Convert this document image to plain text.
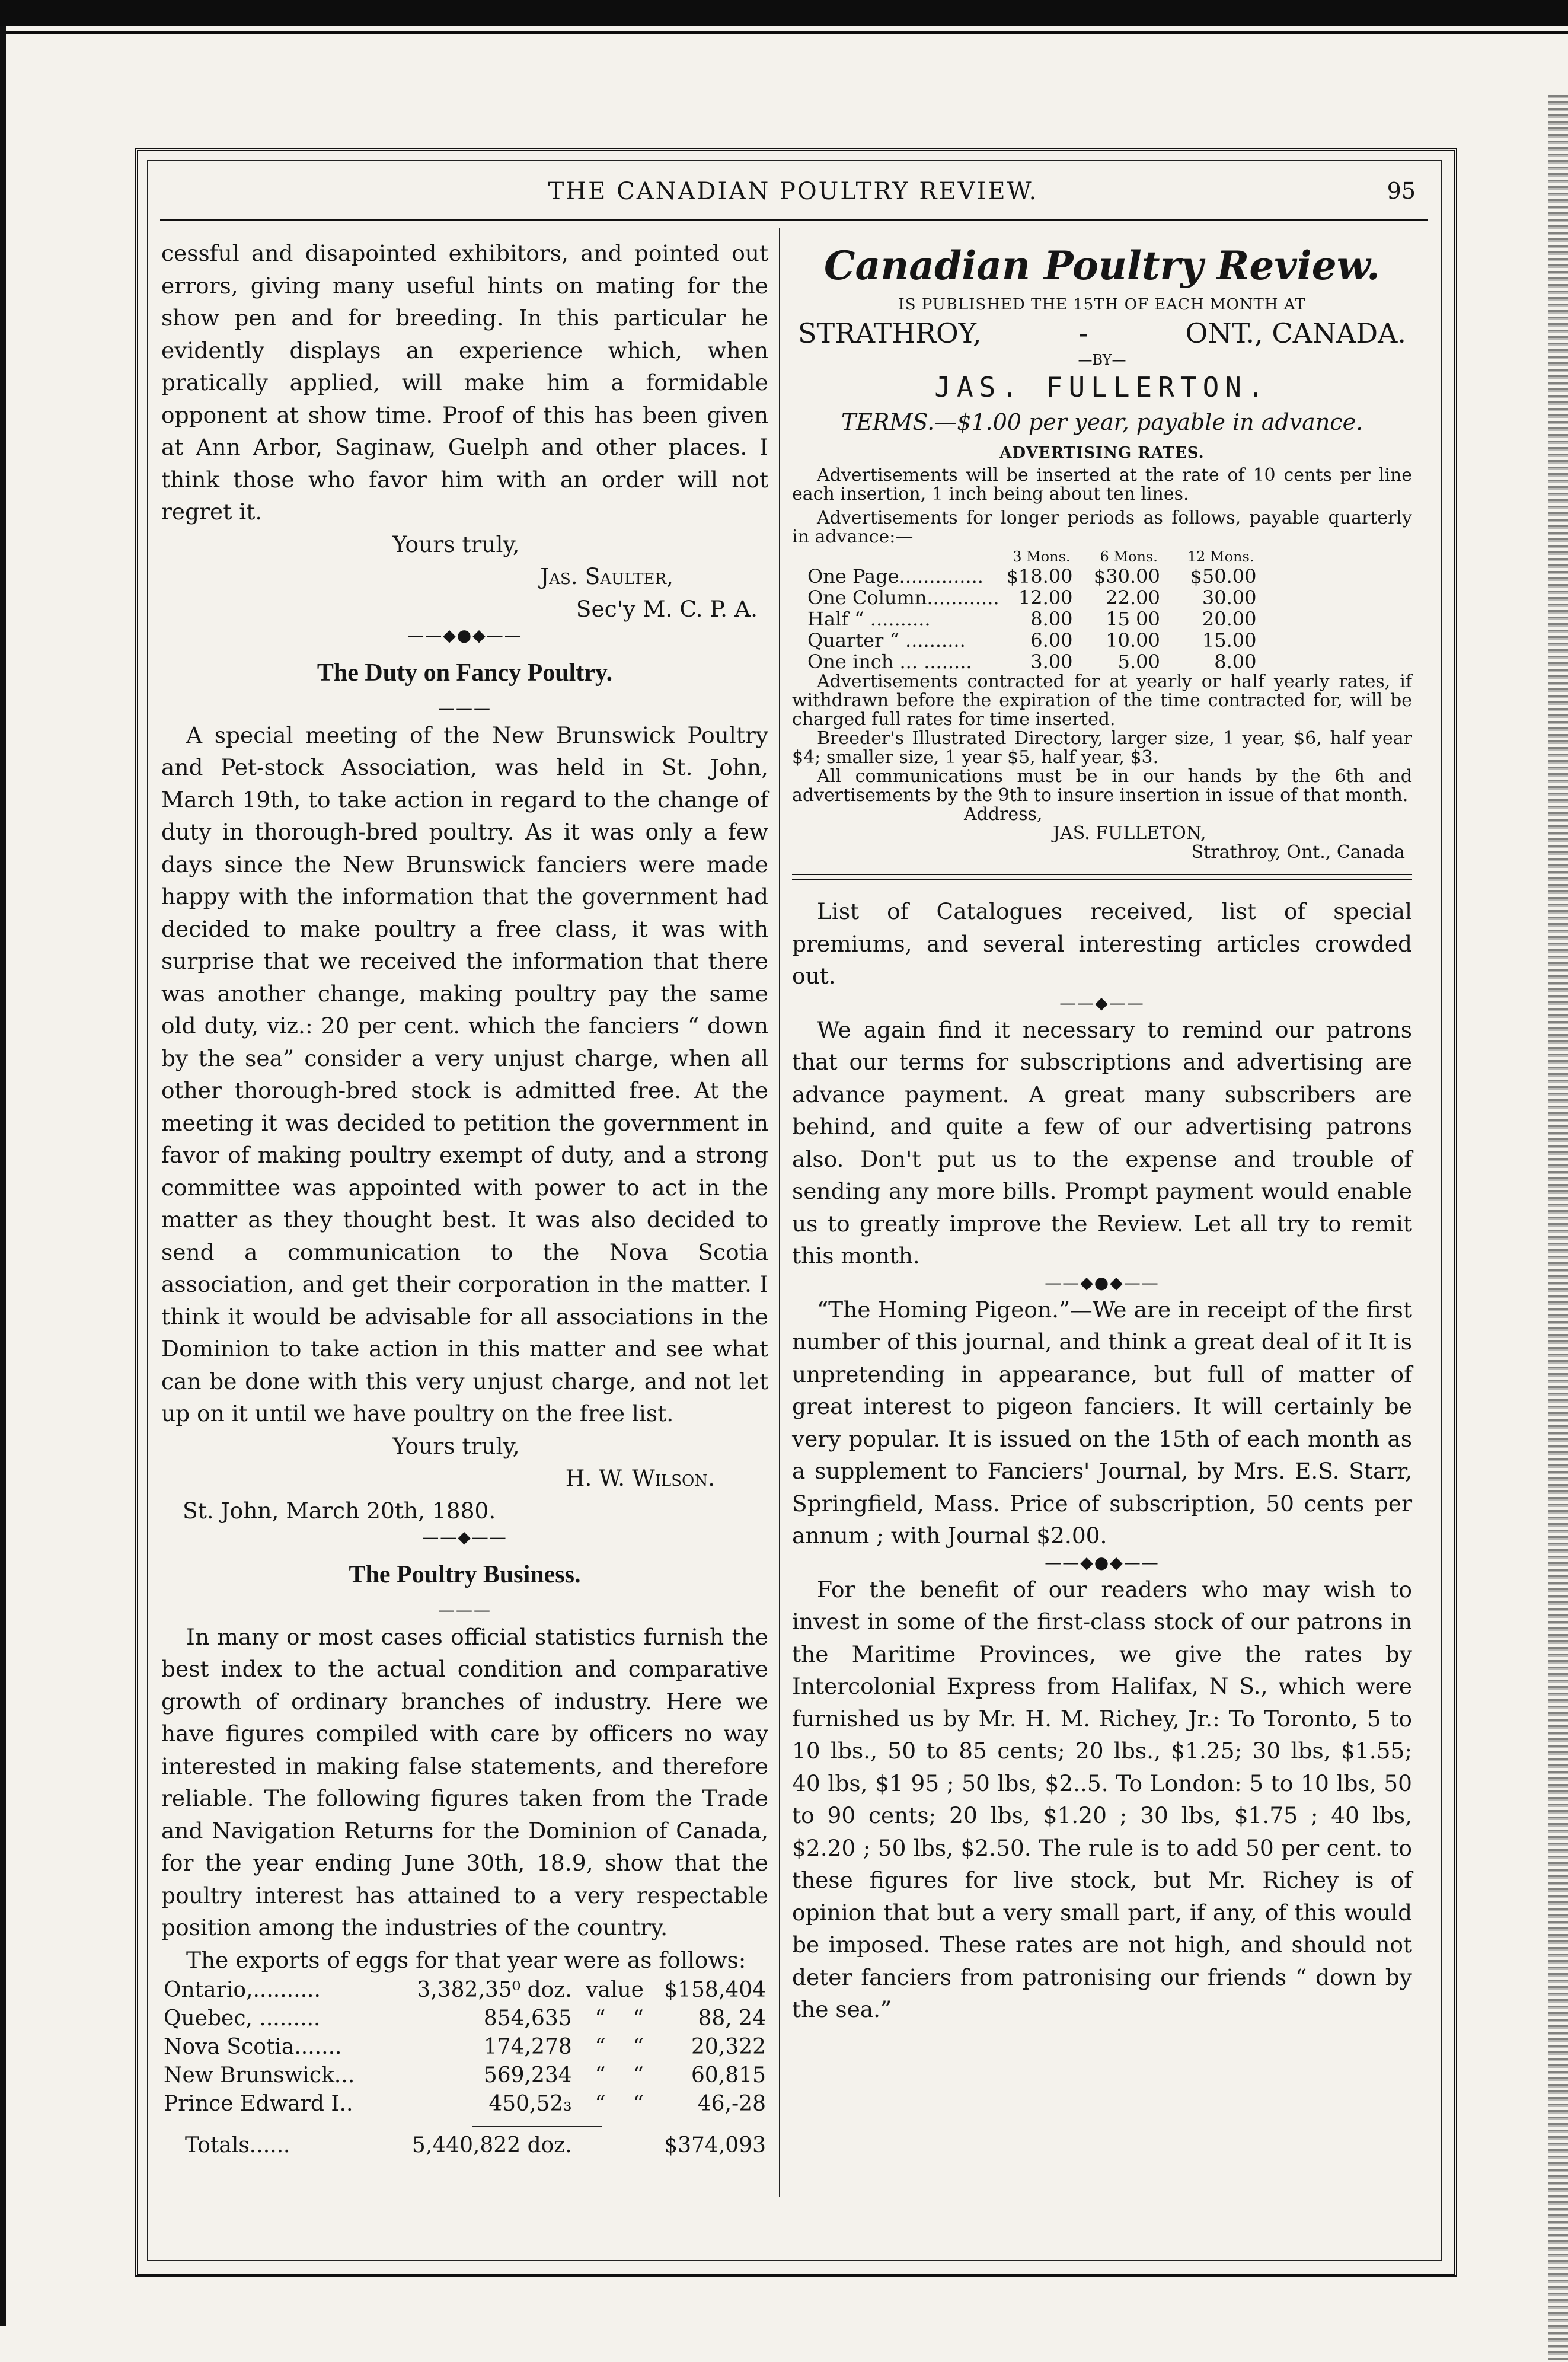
THE CANADIAN POULTRY REVIEW.	95

cessful and disapointed exhibitors, and pointed out errors, giving many useful hints on mating for the show pen and for breeding. In this particular he evidently displays an experience which, when pratically applied, will make him a formidable opponent at show time. Proof of this has been given at Ann Arbor, Saginaw, Guelph and other places. I think those who favor him with an order will not regret it.

Yours truly,
Jas. Saulter,
Sec'y M. C. P. A.
——◆●◆——
The Duty on Fancy Poultry.
———

A special meeting of the New Brunswick Poultry and Pet-stock Association, was held in St. John, March 19th, to take action in regard to the change of duty in thorough-bred poultry. As it was only a few days since the New Brunswick fanciers were made happy with the information that the government had decided to make poultry a free class, it was with surprise that we received the information that there was another change, making poultry pay the same old duty, viz.: 20 per cent. which the fanciers “ down by the sea” consider a very unjust charge, when all other thorough-bred stock is admitted free. At the meeting it was decided to petition the government in favor of making poultry exempt of duty, and a strong committee was appointed with power to act in the matter as they thought best. It was also decided to send a communication to the Nova Scotia association, and get their corporation in the matter. I think it would be advisable for all associations in the Dominion to take action in this matter and see what can be done with this very unjust charge, and not let up on it until we have poultry on the free list.

Yours truly,
H. W. Wilson.
St. John, March 20th, 1880.
——◆——
The Poultry Business.
———

In many or most cases official statistics furnish the best index to the actual condition and comparative growth of ordinary branches of industry. Here we have figures compiled with care by officers no way interested in making false statements, and therefore reliable. The following figures taken from the Trade and Navigation Returns for the Dominion of Canada, for the year ending June 30th, 18.9, show that the poultry interest has attained to a very respectable position among the industries of the country.

The exports of eggs for that year were as follows:

Ontario,..........	3,382,35⁰ doz.	value	$158,404
Quebec, .........	854,635	“ “	88, 24
Nova Scotia.......	174,278	“ “	20,322
New Brunswick...	569,234	“ “	60,815
Prince Edward I..	450,52₃	“ “	46,-28

Totals......	5,440,822 doz.		$374,093
Canadian Poultry Review.
IS PUBLISHED THE 15TH OF EACH MONTH AT
STRATHROY,	-	ONT., CANADA.
—BY—
JAS. FULLERTON.
TERMS.—$1.00 per year, payable in advance.
ADVERTISING RATES.

Advertisements will be inserted at the rate of 10 cents per line each insertion, 1 inch being about ten lines.

Advertisements for longer periods as follows, payable quarterly in advance:—

	3 Mons.	6 Mons.	12 Mons.
One Page..............	$18.00	$30.00	$50.00
One Column............	12.00	22.00	30.00
Half “ ..........	8.00	15 00	20.00
Quarter “ ..........	6.00	10.00	15.00
One inch ... ........	3.00	5.00	8.00

Advertisements contracted for at yearly or half yearly rates, if withdrawn before the expiration of the time contracted for, will be charged full rates for time inserted.

Breeder's Illustrated Directory, larger size, 1 year, $6, half year $4; smaller size, 1 year $5, half year, $3.

All communications must be in our hands by the 6th and advertisements by the 9th to insure insertion in issue of that month.

Address,
JAS. FULLETON,
Strathroy, Ont., Canada

List of Catalogues received, list of special premiums, and several interesting articles crowded out.

——◆——

We again find it necessary to remind our patrons that our terms for subscriptions and advertising are advance payment. A great many subscribers are behind, and quite a few of our advertising patrons also. Don't put us to the expense and trouble of sending any more bills. Prompt payment would enable us to greatly improve the Review. Let all try to remit this month.

——◆●◆——

“The Homing Pigeon.”—We are in receipt of the first number of this journal, and think a great deal of it It is unpretending in appearance, but full of matter of great interest to pigeon fanciers. It will certainly be very popular. It is issued on the 15th of each month as a supplement to Fanciers' Journal, by Mrs. E.S. Starr, Springfield, Mass. Price of subscription, 50 cents per annum ; with Journal $2.00.

——◆●◆——

For the benefit of our readers who may wish to invest in some of the first-class stock of our patrons in the Maritime Provinces, we give the rates by Intercolonial Express from Halifax, N S., which were furnished us by Mr. H. M. Richey, Jr.: To Toronto, 5 to 10 lbs., 50 to 85 cents; 20 lbs., $1.25; 30 lbs, $1.55; 40 lbs, $1 95 ; 50 lbs, $2..5. To London: 5 to 10 lbs, 50 to 90 cents; 20 lbs, $1.20 ; 30 lbs, $1.75 ; 40 lbs, $2.20 ; 50 lbs, $2.50. The rule is to add 50 per cent. to these figures for live stock, but Mr. Richey is of opinion that but a very small part, if any, of this would be imposed. These rates are not high, and should not deter fanciers from patronising our friends “ down by the sea.”
